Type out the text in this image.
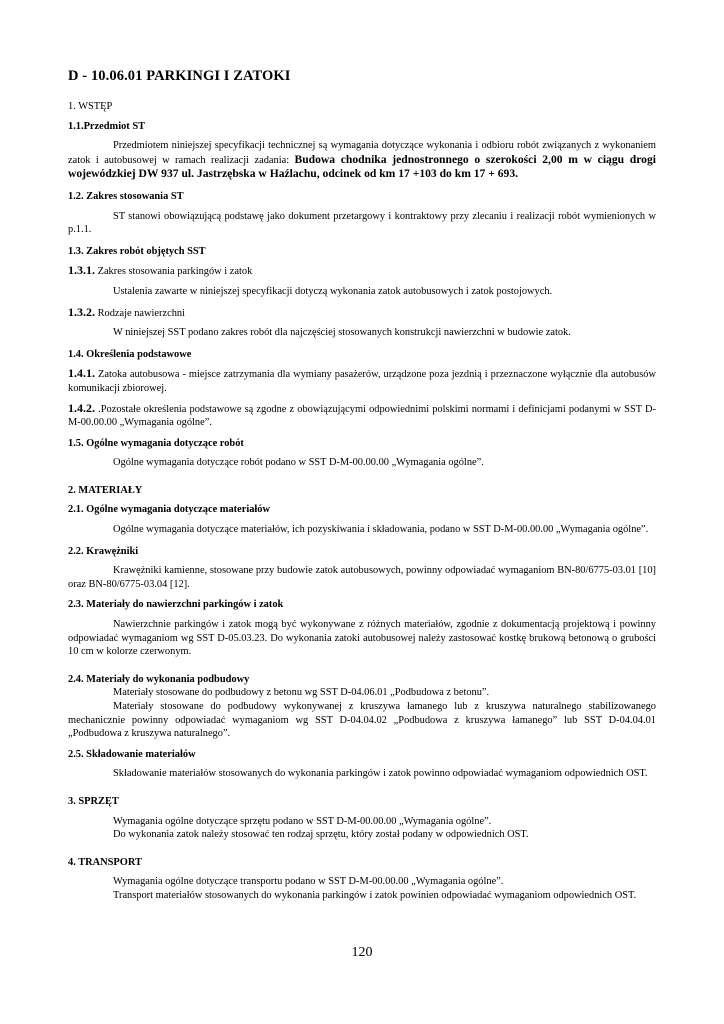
D - 10.06.01 PARKINGI I ZATOKI

1. WSTĘP

1.1.Przedmiot ST

Przedmiotem niniejszej specyfikacji technicznej są wymagania dotyczące wykonania i odbioru robót związanych z wykonaniem zatok i autobusowej w ramach realizacji zadania: Budowa chodnika jednostronnego o szerokości 2,00 m w ciągu drogi wojewódzkiej DW 937 ul. Jastrzębska w Haźlachu, odcinek od km 17 +103 do km 17 + 693.

1.2. Zakres stosowania ST

ST stanowi obowiązującą podstawę jako dokument przetargowy i kontraktowy przy zlecaniu i realizacji robót wymienionych w p.1.1.

1.3. Zakres robót objętych SST

1.3.1. Zakres stosowania parkingów i zatok

Ustalenia zawarte w niniejszej specyfikacji dotyczą wykonania zatok autobusowych i zatok postojowych.

1.3.2. Rodzaje nawierzchni

W niniejszej SST podano zakres robót dla najczęściej stosowanych konstrukcji nawierzchni w budowie zatok.

1.4. Określenia podstawowe

1.4.1. Zatoka autobusowa - miejsce zatrzymania dla wymiany pasażerów, urządzone poza jezdnią i przeznaczone wyłącznie dla autobusów komunikacji zbiorowej.

1.4.2. .Pozostałe określenia podstawowe są zgodne z obowiązującymi odpowiednimi polskimi normami i definicjami podanymi w SST D-M-00.00.00 „Wymagania ogólne”.

1.5. Ogólne wymagania dotyczące robót

Ogólne wymagania dotyczące robót podano w SST D-M-00.00.00 „Wymagania ogólne”.

2. MATERIAŁY

2.1. Ogólne wymagania dotyczące materiałów

Ogólne wymagania dotyczące materiałów, ich pozyskiwania i składowania, podano w SST D-M-00.00.00 „Wymagania ogólne”.

2.2. Krawężniki

Krawężniki kamienne, stosowane przy budowie zatok autobusowych, powinny odpowiadać wymaganiom BN-80/6775-03.01 [10] oraz BN-80/6775-03.04 [12].

2.3. Materiały do nawierzchni parkingów i zatok

Nawierzchnie parkingów i zatok mogą być wykonywane z różnych materiałów, zgodnie z dokumentacją projektową i powinny odpowiadać wymaganiom wg SST D-05.03.23. Do wykonania zatoki autobusowej należy zastosować kostkę brukową betonową o grubości 10 cm w kolorze czerwonym.

2.4. Materiały do wykonania podbudowy

Materiały stosowane do podbudowy z betonu wg SST D-04.06.01 „Podbudowa z betonu”.

Materiały stosowane do podbudowy wykonywanej z kruszywa łamanego lub z kruszywa naturalnego stabilizowanego mechanicznie powinny odpowiadać wymaganiom wg SST D-04.04.02 „Podbudowa z kruszywa łamanego” lub SST D-04.04.01 „Podbudowa z kruszywa naturalnego”.

2.5. Składowanie materiałów

Składowanie materiałów stosowanych do wykonania parkingów i zatok powinno odpowiadać wymaganiom odpowiednich OST.

3. SPRZĘT

Wymagania ogólne dotyczące sprzętu podano w SST D-M-00.00.00 „Wymagania ogólne”.

Do wykonania zatok należy stosować ten rodzaj sprzętu, który został podany w odpowiednich OST.

4. TRANSPORT

Wymagania ogólne dotyczące transportu podano w SST D-M-00.00.00 „Wymagania ogólne”.

Transport materiałów stosowanych do wykonania parkingów i zatok powinien odpowiadać wymaganiom odpowiednich OST.

120
